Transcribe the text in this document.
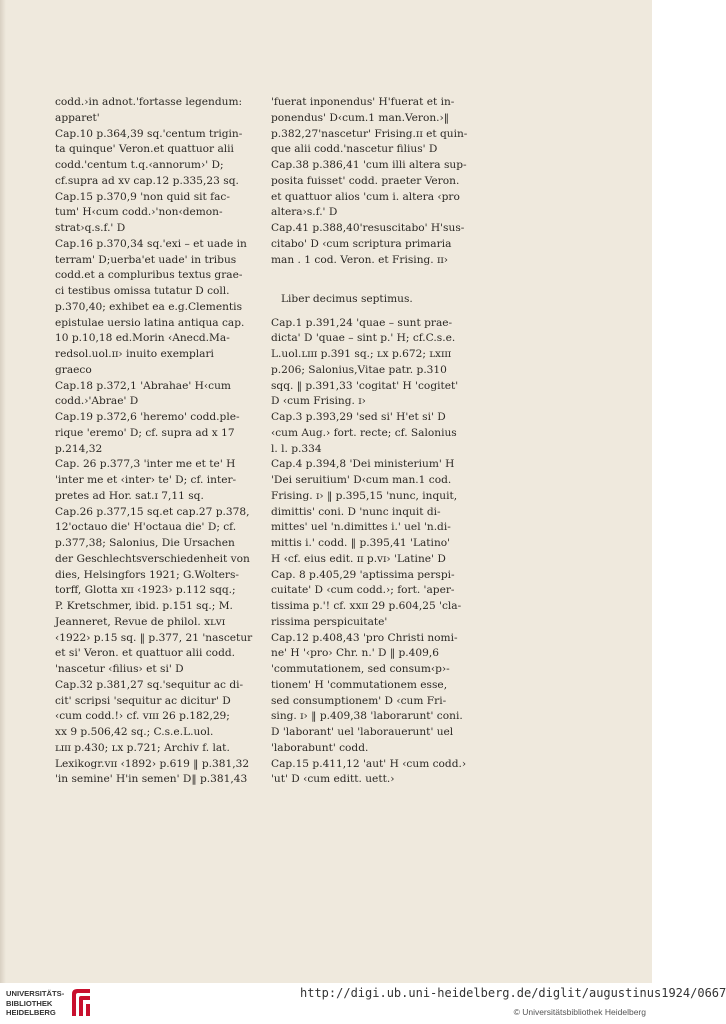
codd.›in adnot.'fortasse legendum:
apparet'
Cap.10 p.364,39 sq.'centum trigin-
ta quinque' Veron.et quattuor alii
codd.'centum t.q.‹annorum›' D;
cf.supra ad xv cap.12 p.335,23 sq.
Cap.15 p.370,9 'non quid sit fac-
tum' H‹cum codd.›'non‹demon-
strat›q.s.f.' D
Cap.16 p.370,34 sq.'exi – et uade in
terram' D;uerba'et uade' in tribus
codd.et a compluribus textus grae-
ci testibus omissa tutatur D coll.
p.370,40; exhibet ea e.g.Clementis
epistulae uersio latina antiqua cap.
10 p.10,18 ed.Morin ‹Anecd.Ma-
redsol.uol.ɪɪ› inuito exemplari
graeco
Cap.18 p.372,1 'Abrahae' H‹cum
codd.›'Abrae' D
Cap.19 p.372,6 'heremo' codd.ple-
rique 'eremo' D; cf. supra ad x 17
p.214,32
Cap. 26 p.377,3 'inter me et te' H
'inter me et ‹inter› te' D; cf. inter-
pretes ad Hor. sat.ɪ 7,11 sq.
Cap.26 p.377,15 sq.et cap.27 p.378,
12'octauo die' H'octaua die' D; cf.
p.377,38; Salonius, Die Ursachen
der Geschlechtsverschiedenheit von
dies, Helsingfors 1921; G.Wolters-
torff, Glotta xɪɪ ‹1923› p.112 sqq.;
P. Kretschmer, ibid. p.151 sq.; M.
Jeanneret, Revue de philol. xʟᴠɪ
‹1922› p.15 sq. ‖ p.377, 21 'nascetur
et si' Veron. et quattuor alii codd.
'nascetur ‹filius› et si' D
Cap.32 p.381,27 sq.'sequitur ac di-
cit' scripsi 'sequitur ac dicitur' D
‹cum codd.!› cf. ᴠɪɪɪ 26 p.182,29;
xx 9 p.506,42 sq.; C.s.e.L.uol.
ʟɪɪɪ p.430; ʟx p.721; Archiv f. lat.
Lexikogr.ᴠɪɪ ‹1892› p.619 ‖ p.381,32
'in semine' H'in semen' D‖ p.381,43
'fuerat inponendus' H'fuerat et in-
ponendus' D‹cum.1 man.Veron.›‖
p.382,27'nascetur' Frising.ɪɪ et quin-
que alii codd.'nascetur filius' D
Cap.38 p.386,41 'cum illi altera sup-
posita fuisset' codd. praeter Veron.
et quattuor alios 'cum i. altera ‹pro
altera›s.f.' D
Cap.41 p.388,40'resuscitabo' H'sus-
citabo' D ‹cum scriptura primaria
man . 1 cod. Veron. et Frising. ɪɪ›
Liber decimus septimus.
Cap.1 p.391,24 'quae – sunt prae-
dicta' D 'quae – sint p.' H; cf.C.s.e.
L.uol.ʟɪɪɪ p.391 sq.; ʟx p.672; ʟxɪɪɪ
p.206; Salonius,Vitae patr. p.310
sqq. ‖ p.391,33 'cogitat' H 'cogitet'
D ‹cum Frising. ɪ›
Cap.3 p.393,29 'sed si' H'et si' D
‹cum Aug.› fort. recte; cf. Salonius
l. l. p.334
Cap.4 p.394,8 'Dei ministerium' H
'Dei seruitium' D‹cum man.1 cod.
Frising. ɪ› ‖ p.395,15 'nunc, inquit,
dimittis' coni. D 'nunc inquit di-
mittes' uel 'n.dimittes i.' uel 'n.di-
mittis i.' codd. ‖ p.395,41 'Latino'
H ‹cf. eius edit. ɪɪ p.ᴠɪ› 'Latine' D
Cap. 8 p.405,29 'aptissima perspi-
cuitate' D ‹cum codd.›; fort. 'aper-
tissima p.'! cf. xxɪɪ 29 p.604,25 'cla-
rissima perspicuitate'
Cap.12 p.408,43 'pro Christi nomi-
ne' H '‹pro› Chr. n.' D ‖ p.409,6
'commutationem, sed consum‹p›-
tionem' H 'commutationem esse,
sed consumptionem' D ‹cum Fri-
sing. ɪ› ‖ p.409,38 'laborarunt' coni.
D 'laborant' uel 'laborauerunt' uel
'laborabunt' codd.
Cap.15 p.411,12 'aut' H ‹cum codd.›
'ut' D ‹cum editt. uett.›
UNIVERSITÄTS-
BIBLIOTHEK
HEIDELBERG
http://digi.ub.uni-heidelberg.de/diglit/augustinus1924/0667
© Universitätsbibliothek Heidelberg
